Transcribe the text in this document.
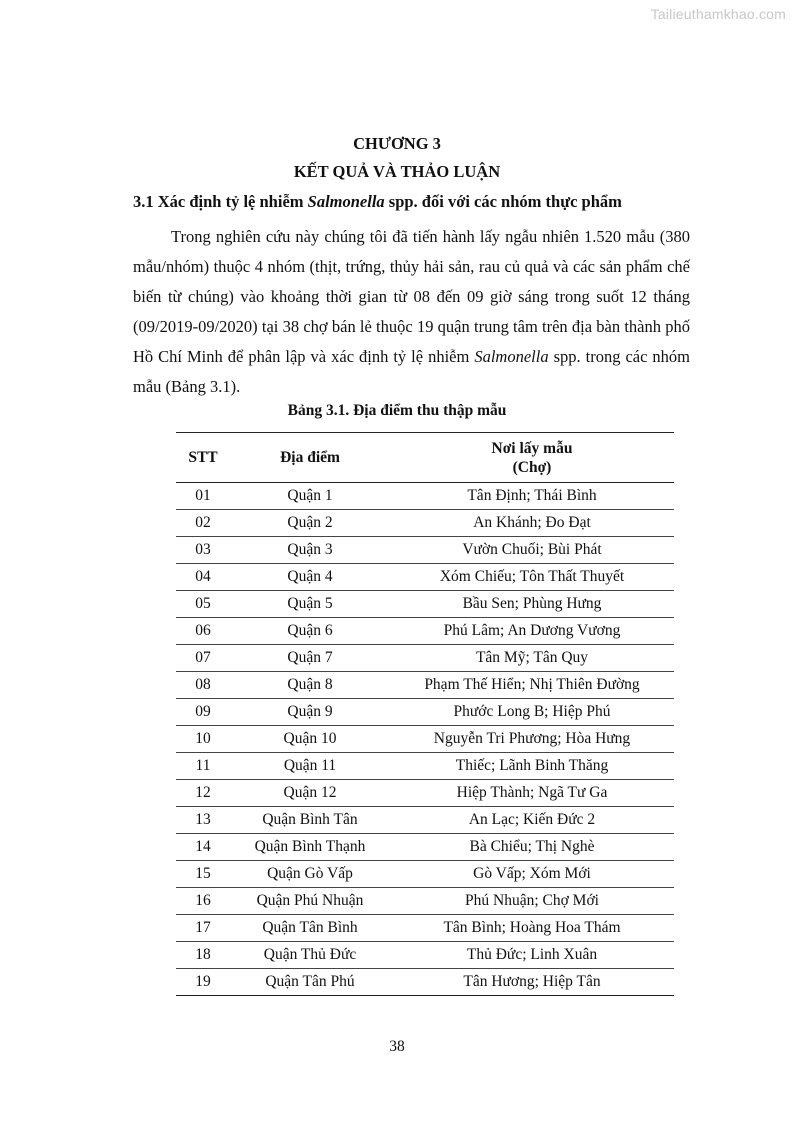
Tailieuthamkhao.com
CHƯƠNG 3
KẾT QUẢ VÀ THẢO LUẬN
3.1 Xác định tỷ lệ nhiễm Salmonella spp. đối với các nhóm thực phẩm
Trong nghiên cứu này chúng tôi đã tiến hành lấy ngẫu nhiên 1.520 mẫu (380 mẫu/nhóm) thuộc 4 nhóm (thịt, trứng, thủy hải sản, rau củ quả và các sản phẩm chế biến từ chúng) vào khoảng thời gian từ 08 đến 09 giờ sáng trong suốt 12 tháng (09/2019-09/2020) tại 38 chợ bán lẻ thuộc 19 quận trung tâm trên địa bàn thành phố Hồ Chí Minh để phân lập và xác định tỷ lệ nhiễm Salmonella spp. trong các nhóm mẫu (Bảng 3.1).
Bảng 3.1. Địa điểm thu thập mẫu
STT	Địa điểm	Nơi lấy mẫu
(Chợ)
01	Quận 1	Tân Định; Thái Bình
02	Quận 2	An Khánh; Đo Đạt
03	Quận 3	Vườn Chuối; Bùi Phát
04	Quận 4	Xóm Chiếu; Tôn Thất Thuyết
05	Quận 5	Bầu Sen; Phùng Hưng
06	Quận 6	Phú Lâm; An Dương Vương
07	Quận 7	Tân Mỹ; Tân Quy
08	Quận 8	Phạm Thế Hiển; Nhị Thiên Đường
09	Quận 9	Phước Long B; Hiệp Phú
10	Quận 10	Nguyễn Tri Phương; Hòa Hưng
11	Quận 11	Thiếc; Lãnh Binh Thăng
12	Quận 12	Hiệp Thành; Ngã Tư Ga
13	Quận Bình Tân	An Lạc; Kiến Đức 2
14	Quận Bình Thạnh	Bà Chiểu; Thị Nghè
15	Quận Gò Vấp	Gò Vấp; Xóm Mới
16	Quận Phú Nhuận	Phú Nhuận; Chợ Mới
17	Quận Tân Bình	Tân Bình; Hoàng Hoa Thám
18	Quận Thủ Đức	Thủ Đức; Linh Xuân
19	Quận Tân Phú	Tân Hương; Hiệp Tân
38
